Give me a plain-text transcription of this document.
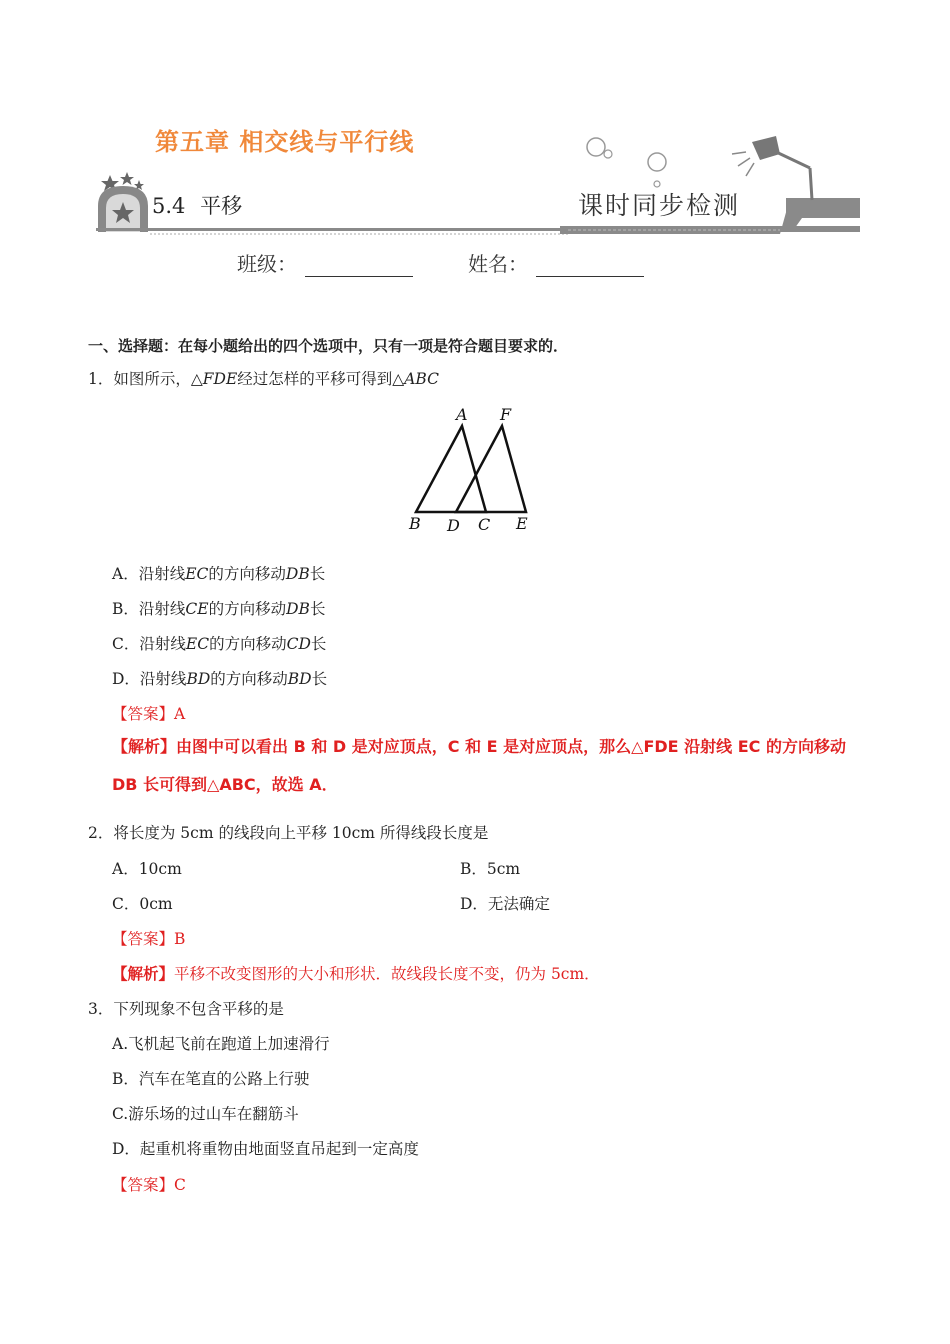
第五章 相交线与平行线
5.4 平移	课时同步检测
班级：	姓名：
一、选择题：在每小题给出的四个选项中，只有一项是符合题目要求的．
1．如图所示，△FDE经过怎样的平移可得到△ABC
A F
B D C E
A．沿射线EC的方向移动DB长
B．沿射线CE的方向移动DB长
C．沿射线EC的方向移动CD长
D．沿射线BD的方向移动BD长
【答案】A
【解析】由图中可以看出 B 和 D 是对应顶点，C 和 E 是对应顶点，那么△FDE 沿射线 EC 的方向移动
DB 长可得到△ABC，故选 A．
2．将长度为 5cm 的线段向上平移 10cm 所得线段长度是
A．10cm	B．5cm
C．0cm	D．无法确定
【答案】B
【解析】平移不改变图形的大小和形状．故线段长度不变，仍为 5cm．
3．下列现象不包含平移的是
A.飞机起飞前在跑道上加速滑行
B．汽车在笔直的公路上行驶
C.游乐场的过山车在翻筋斗
D．起重机将重物由地面竖直吊起到一定高度
【答案】C
